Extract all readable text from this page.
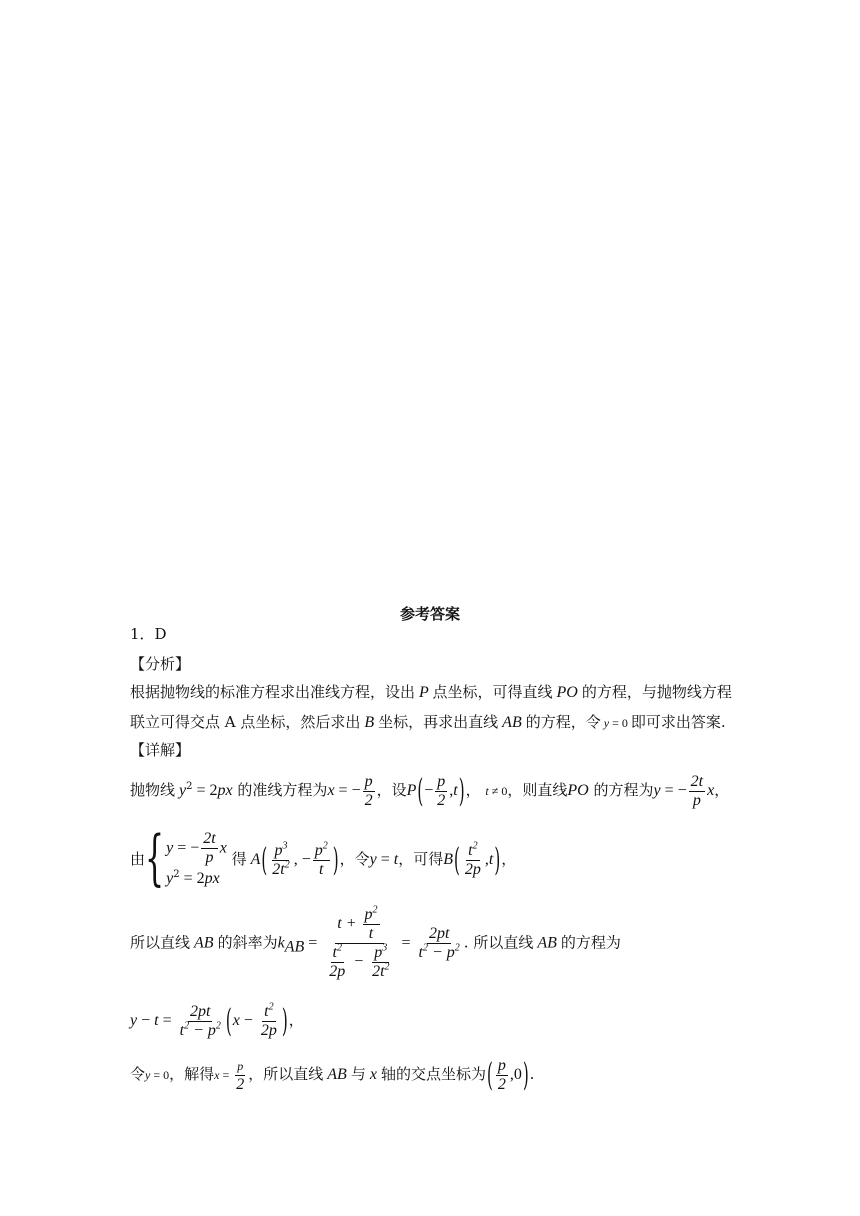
参考答案
1．D
【分析】
根据抛物线的标准方程求出准线方程，设出 P 点坐标，可得直线 PO 的方程，与抛物线方程
联立可得交点 A 点坐标，然后求出 B 坐标，再求出直线 AB 的方程，令 y = 0 即可求出答案.
【详解】
抛物线 $y^2 = 2px$ 的准线方程为x = − $\frac{p}{2}$ ，设$P(- \frac{p}{2} ,t)$， t ≠ 0，则直线PO 的方程为y = − $\frac{2t}{p}$ x，
由{ y = − $\frac{2t}{p}$ x
$y^2 = 2px$
得 $A( \frac{p^3}{2t^2}$ , − $\frac{p^2}{t}$ )，令y = t，可得$B( \frac{t^2}{2p} ,t)$，
所以直线 AB 的斜率为$k_{AB} = \frac{t + \frac{p^2}{t}}{\frac{t^2}{2p} - \frac{p^3}{2t^2}} = \frac{2pt}{t^2 - p^2}$ . 所以直线 AB 的方程为
$y - t = \frac{2pt}{t^2 - p^2} (x - \frac{t^2}{2p}$ )，
令y = 0，解得$x = \frac{p}{2}$ ，所以直线 AB 与 x 轴的交点坐标为( $\frac{p}{2} ,0$).
